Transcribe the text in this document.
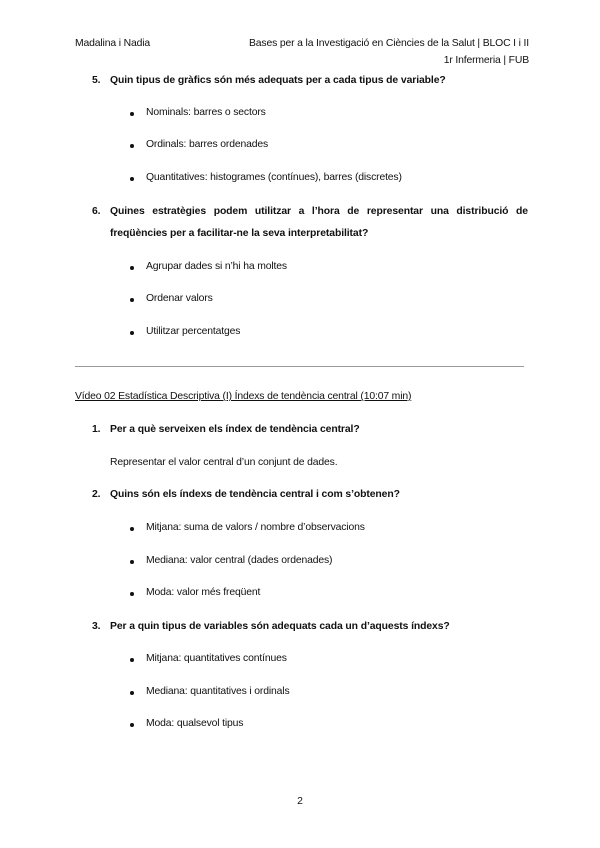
Madalina i Nadia	Bases per a la Investigació en Ciències de la Salut | BLOC I i II
1r Infermeria | FUB
5. Quin tipus de gràfics són més adequats per a cada tipus de variable?
Nominals: barres o sectors
Ordinals: barres ordenades
Quantitatives: histogrames (contínues), barres (discretes)
6. Quines estratègies podem utilitzar a l’hora de representar una distribució de
freqüències per a facilitar-ne la seva interpretabilitat?
Agrupar dades si n’hi ha moltes
Ordenar valors
Utilitzar percentatges
Vídeo 02 Estadística Descriptiva (I) Índexs de tendència central (10:07 min)
1. Per a què serveixen els índex de tendència central?
Representar el valor central d’un conjunt de dades.
2. Quins són els índexs de tendència central i com s’obtenen?
Mitjana: suma de valors / nombre d’observacions
Mediana: valor central (dades ordenades)
Moda: valor més freqüent
3. Per a quin tipus de variables són adequats cada un d’aquests índexs?
Mitjana: quantitatives contínues
Mediana: quantitatives i ordinals
Moda: qualsevol tipus
2
